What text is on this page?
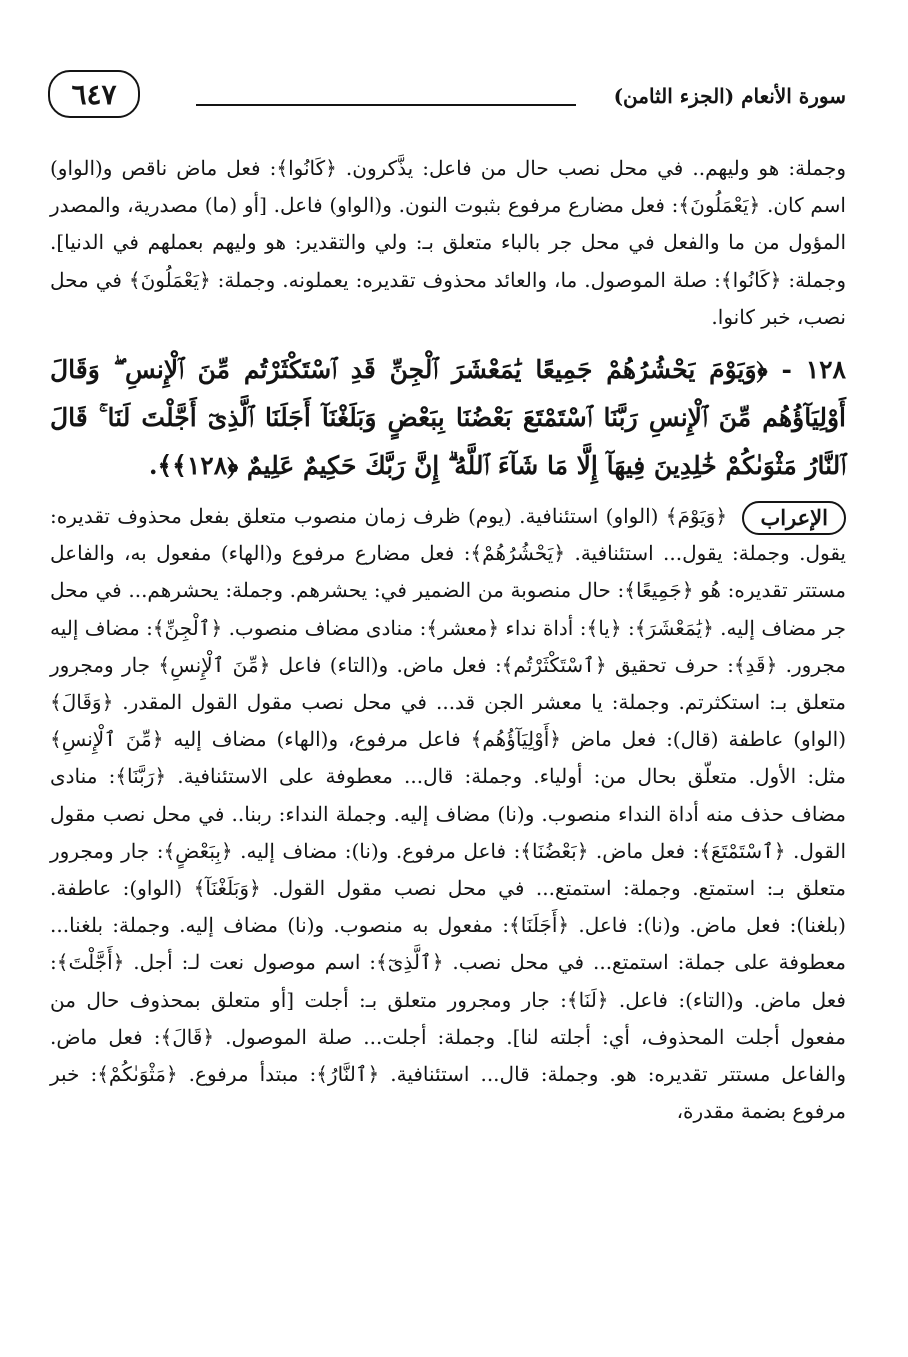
٦٤٧	سورة الأنعام (الجزء الثامن)

وجملة: هو وليهم.. في محل نصب حال من فاعل: يذَّكرون. ﴿كَانُوا﴾: فعل ماض ناقص و(الواو) اسم كان. ﴿يَعْمَلُونَ﴾: فعل مضارع مرفوع بثبوت النون. و(الواو) فاعل. [أو (ما) مصدرية، والمصدر المؤول من ما والفعل في محل جر بالباء متعلق بـ: ولي والتقدير: هو وليهم بعملهم في الدنيا]. وجملة: ﴿كَانُوا﴾: صلة الموصول. ما، والعائد محذوف تقديره: يعملونه. وجملة: ﴿يَعْمَلُونَ﴾ في محل نصب، خبر كانوا.

١٢٨ - ﴿وَيَوْمَ يَحْشُرُهُمْ جَمِيعًا يَٰمَعْشَرَ ٱلْجِنِّ قَدِ ٱسْتَكْثَرْتُم مِّنَ ٱلْإِنسِ ۖ وَقَالَ أَوْلِيَآؤُهُم مِّنَ ٱلْإِنسِ رَبَّنَا ٱسْتَمْتَعَ بَعْضُنَا بِبَعْضٍ وَبَلَغْنَآ أَجَلَنَا ٱلَّذِىٓ أَجَّلْتَ لَنَا ۚ قَالَ ٱلنَّارُ مَثْوَىٰكُمْ خَٰلِدِينَ فِيهَآ إِلَّا مَا شَآءَ ٱللَّهُ ۗ إِنَّ رَبَّكَ حَكِيمٌ عَلِيمٌ ﴿١٢٨﴾﴾.

الإعراب ﴿وَيَوْمَ﴾ (الواو) استئنافية. (يوم) ظرف زمان منصوب متعلق بفعل محذوف تقديره: يقول. وجملة: يقول... استئنافية. ﴿يَحْشُرُهُمْ﴾: فعل مضارع مرفوع و(الهاء) مفعول به، والفاعل مستتر تقديره: هُو ﴿جَمِيعًا﴾: حال منصوبة من الضمير في: يحشرهم. وجملة: يحشرهم... في محل جر مضاف إليه. ﴿يَٰمَعْشَرَ﴾: ﴿يا﴾: أداة نداء ﴿معشر﴾: منادى مضاف منصوب. ﴿ٱلْجِنِّ﴾: مضاف إليه مجرور. ﴿قَدِ﴾: حرف تحقيق ﴿ٱسْتَكْثَرْتُم﴾: فعل ماض. و(التاء) فاعل ﴿مِّنَ ٱلْإِنسِ﴾ جار ومجرور متعلق بـ: استكثرتم. وجملة: يا معشر الجن قد... في محل نصب مقول القول المقدر. ﴿وَقَالَ﴾ (الواو) عاطفة (قال): فعل ماض ﴿أَوْلِيَآؤُهُم﴾ فاعل مرفوع، و(الهاء) مضاف إليه ﴿مِّنَ ٱلْإِنسِ﴾ مثل: الأول. متعلّق بحال من: أولياء. وجملة: قال... معطوفة على الاستئنافية. ﴿رَبَّنَا﴾: منادى مضاف حذف منه أداة النداء منصوب. و(نا) مضاف إليه. وجملة النداء: ربنا.. في محل نصب مقول القول. ﴿ٱسْتَمْتَعَ﴾: فعل ماض. ﴿بَعْضُنَا﴾: فاعل مرفوع. و(نا): مضاف إليه. ﴿بِبَعْضٍ﴾: جار ومجرور متعلق بـ: استمتع. وجملة: استمتع... في محل نصب مقول القول. ﴿وَبَلَغْنَآ﴾ (الواو): عاطفة. (بلغنا): فعل ماض. و(نا): فاعل. ﴿أَجَلَنَا﴾: مفعول به منصوب. و(نا) مضاف إليه. وجملة: بلغنا... معطوفة على جملة: استمتع... في محل نصب. ﴿ٱلَّذِىٓ﴾: اسم موصول نعت لـ: أجل. ﴿أَجَّلْتَ﴾: فعل ماض. و(التاء): فاعل. ﴿لَنَا﴾: جار ومجرور متعلق بـ: أجلت [أو متعلق بمحذوف حال من مفعول أجلت المحذوف، أي: أجلته لنا]. وجملة: أجلت... صلة الموصول. ﴿قَالَ﴾: فعل ماض. والفاعل مستتر تقديره: هو. وجملة: قال... استئنافية. ﴿ٱلنَّارُ﴾: مبتدأ مرفوع. ﴿مَثْوَىٰكُمْ﴾: خبر مرفوع بضمة مقدرة،
